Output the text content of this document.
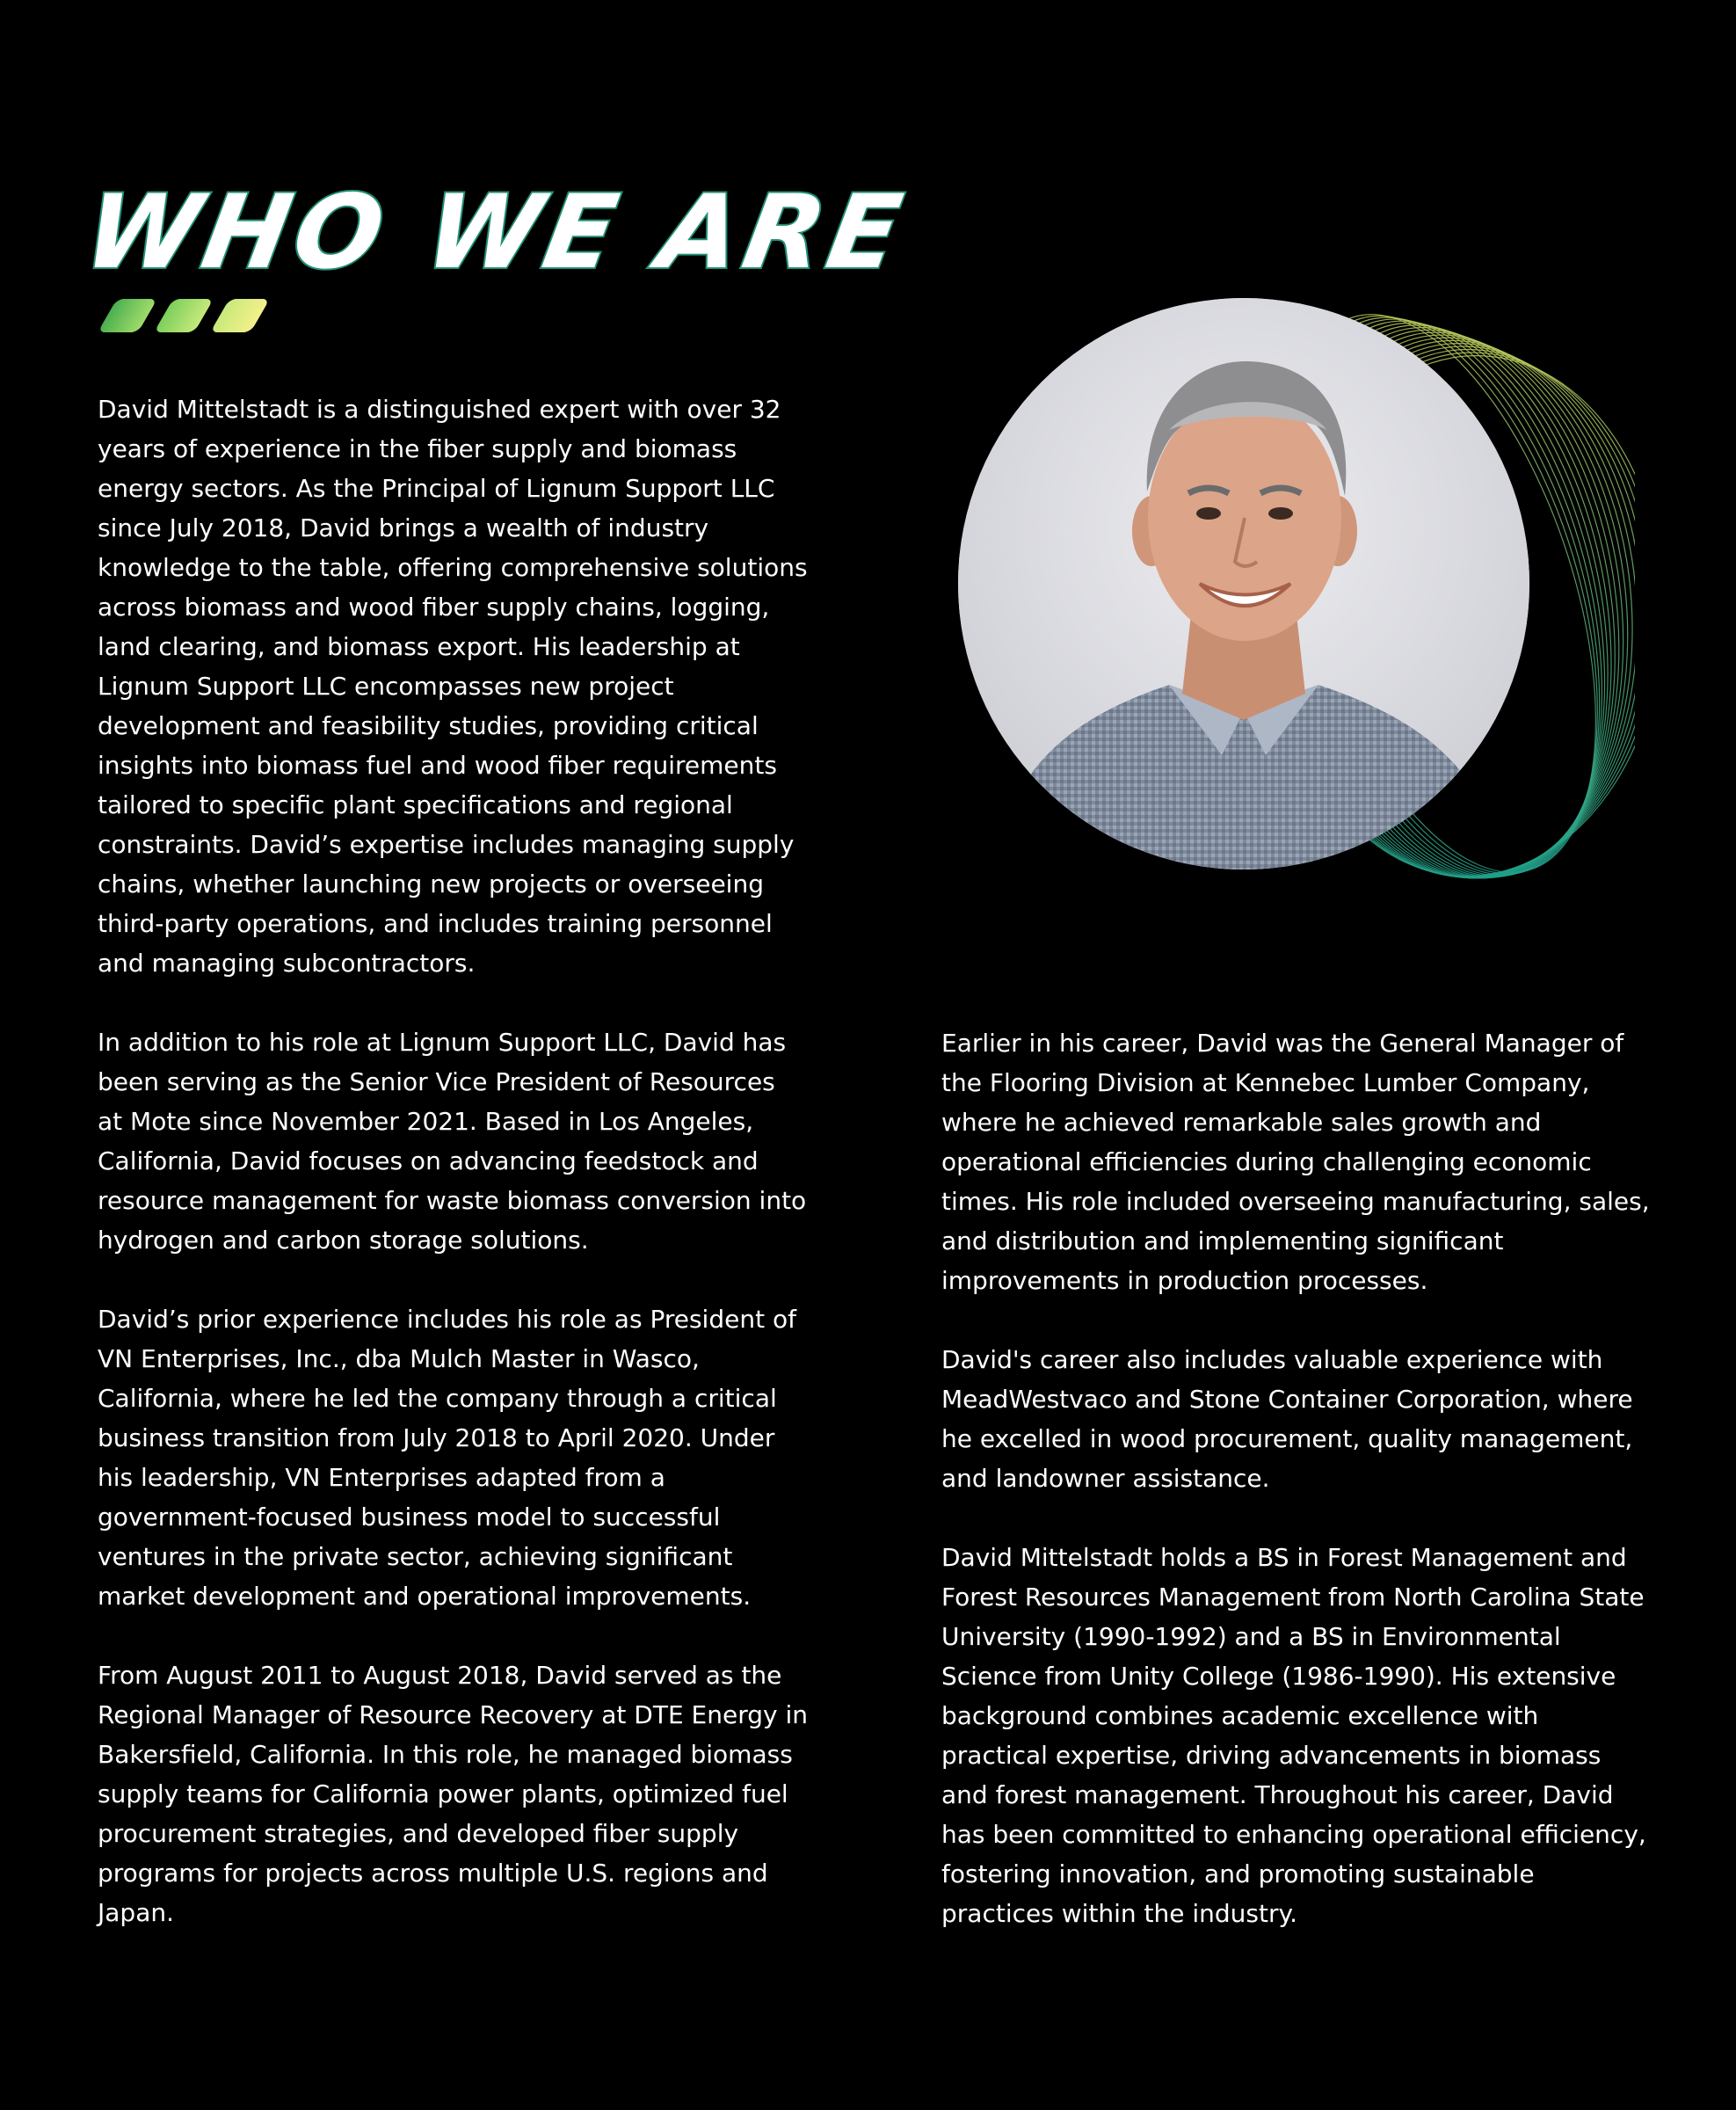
WHO WE ARE

David Mittelstadt is a distinguished expert with over 32
years of experience in the fiber supply and biomass
energy sectors. As the Principal of Lignum Support LLC
since July 2018, David brings a wealth of industry
knowledge to the table, offering comprehensive solutions
across biomass and wood fiber supply chains, logging,
land clearing, and biomass export. His leadership at
Lignum Support LLC encompasses new project
development and feasibility studies, providing critical
insights into biomass fuel and wood fiber requirements
tailored to specific plant specifications and regional
constraints. David’s expertise includes managing supply
chains, whether launching new projects or overseeing
third-party operations, and includes training personnel
and managing subcontractors.

In addition to his role at Lignum Support LLC, David has
been serving as the Senior Vice President of Resources
at Mote since November 2021. Based in Los Angeles,
California, David focuses on advancing feedstock and
resource management for waste biomass conversion into
hydrogen and carbon storage solutions.

David’s prior experience includes his role as President of
VN Enterprises, Inc., dba Mulch Master in Wasco,
California, where he led the company through a critical
business transition from July 2018 to April 2020. Under
his leadership, VN Enterprises adapted from a
government-focused business model to successful
ventures in the private sector, achieving significant
market development and operational improvements.

From August 2011 to August 2018, David served as the
Regional Manager of Resource Recovery at DTE Energy in
Bakersfield, California. In this role, he managed biomass
supply teams for California power plants, optimized fuel
procurement strategies, and developed fiber supply
programs for projects across multiple U.S. regions and
Japan.

Earlier in his career, David was the General Manager of
the Flooring Division at Kennebec Lumber Company,
where he achieved remarkable sales growth and
operational efficiencies during challenging economic
times. His role included overseeing manufacturing, sales,
and distribution and implementing significant
improvements in production processes.

David's career also includes valuable experience with
MeadWestvaco and Stone Container Corporation, where
he excelled in wood procurement, quality management,
and landowner assistance.

David Mittelstadt holds a BS in Forest Management and
Forest Resources Management from North Carolina State
University (1990-1992) and a BS in Environmental
Science from Unity College (1986-1990). His extensive
background combines academic excellence with
practical expertise, driving advancements in biomass
and forest management. Throughout his career, David
has been committed to enhancing operational efficiency,
fostering innovation, and promoting sustainable
practices within the industry.
